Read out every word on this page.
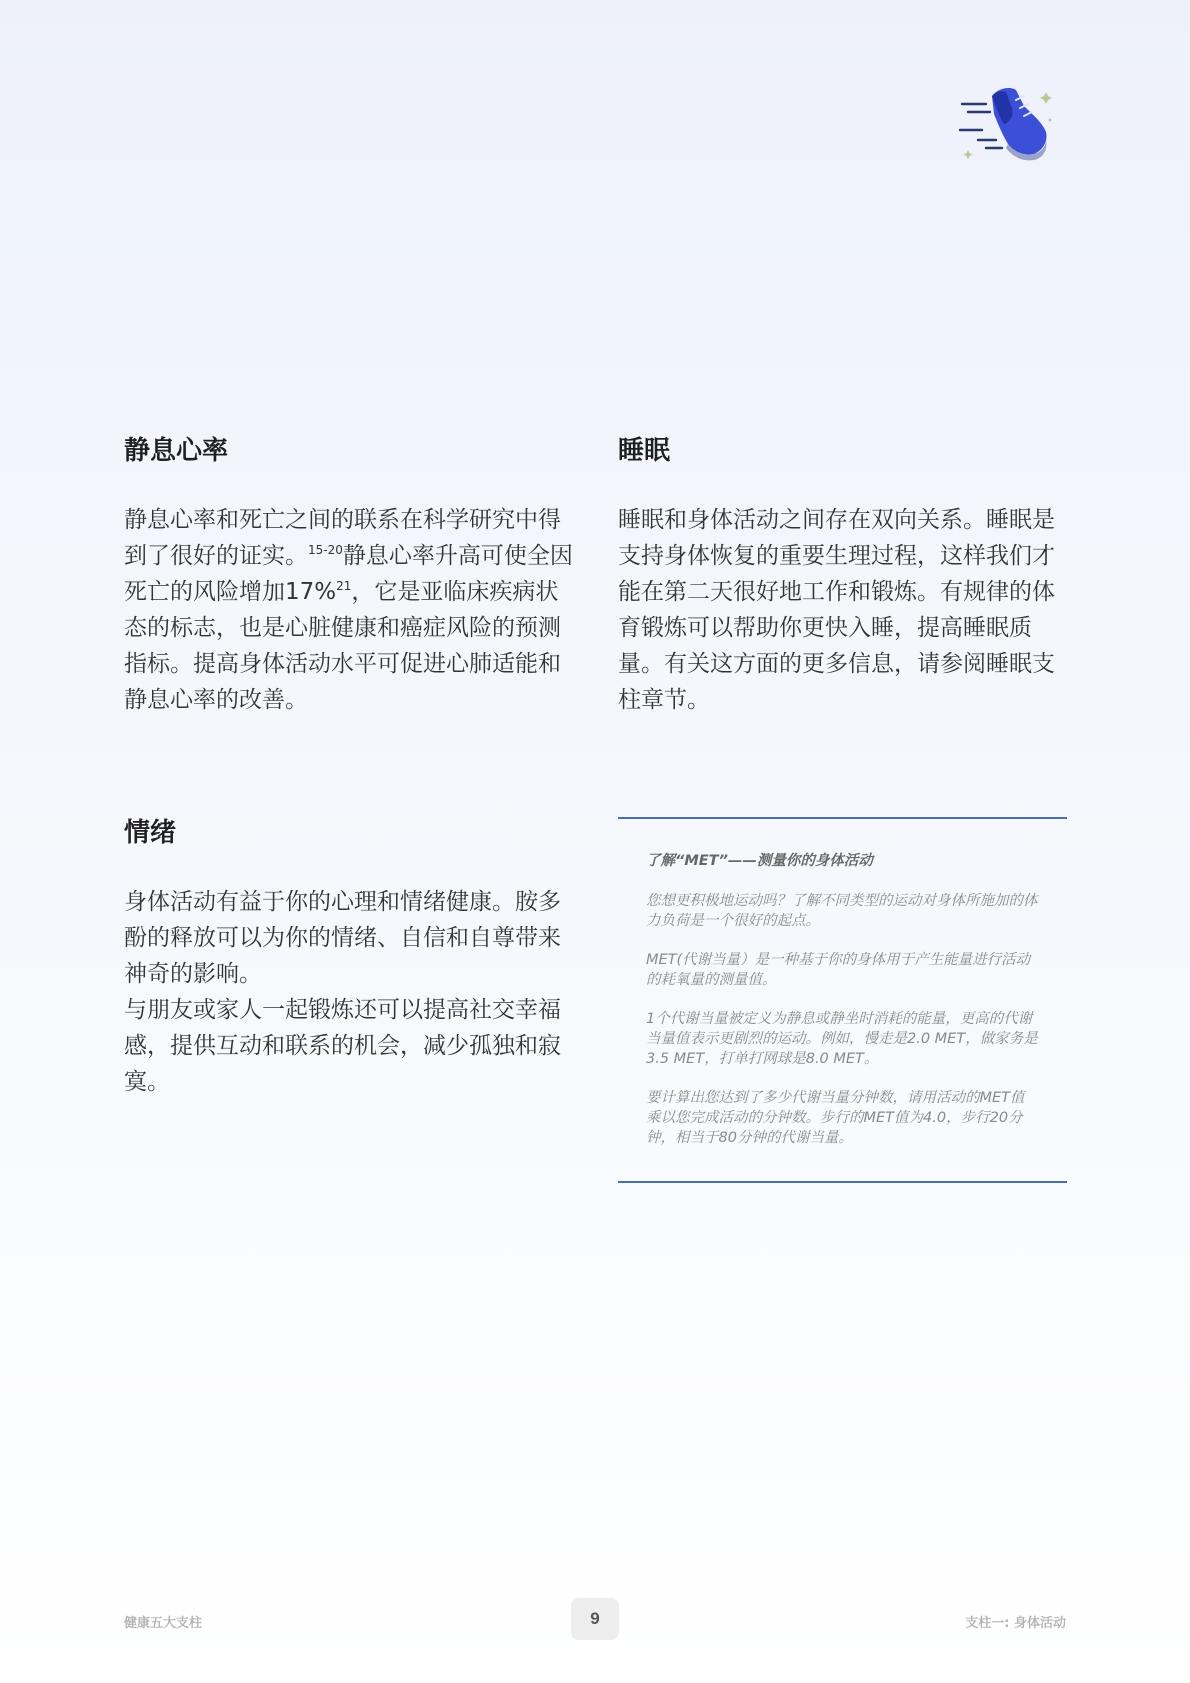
静息心率

静息心率和死亡之间的联系在科学研究中得到了很好的证实。$^{15-20}$静息心率升高可使全因死亡的风险增加17%$^{21}$，它是亚临床疾病状态的标志，也是心脏健康和癌症风险的预测指标。提高身体活动水平可促进心肺适能和静息心率的改善。

睡眠

睡眠和身体活动之间存在双向关系。睡眠是支持身体恢复的重要生理过程，这样我们才能在第二天很好地工作和锻炼。有规律的体育锻炼可以帮助你更快入睡，提高睡眠质量。有关这方面的更多信息，请参阅睡眠支柱章节。

情绪

身体活动有益于你的心理和情绪健康。胺多酚的释放可以为你的情绪、自信和自尊带来神奇的影响。

与朋友或家人一起锻炼还可以提高社交幸福感，提供互动和联系的机会，减少孤独和寂寞。

了解“MET”——测量你的身体活动

您想更积极地运动吗？了解不同类型的运动对身体所施加的体力负荷是一个很好的起点。

MET(代谢当量）是一种基于你的身体用于产生能量进行活动的耗氧量的测量值。

1个代谢当量被定义为静息或静坐时消耗的能量，更高的代谢当量值表示更剧烈的运动。例如，慢走是2.0 MET，做家务是3.5 MET，打单打网球是8.0 MET。

要计算出您达到了多少代谢当量分钟数，请用活动的MET值乘以您完成活动的分钟数。步行的MET值为4.0，步行20分钟，相当于80分钟的代谢当量。

健康五大支柱	9	支柱一: 身体活动
